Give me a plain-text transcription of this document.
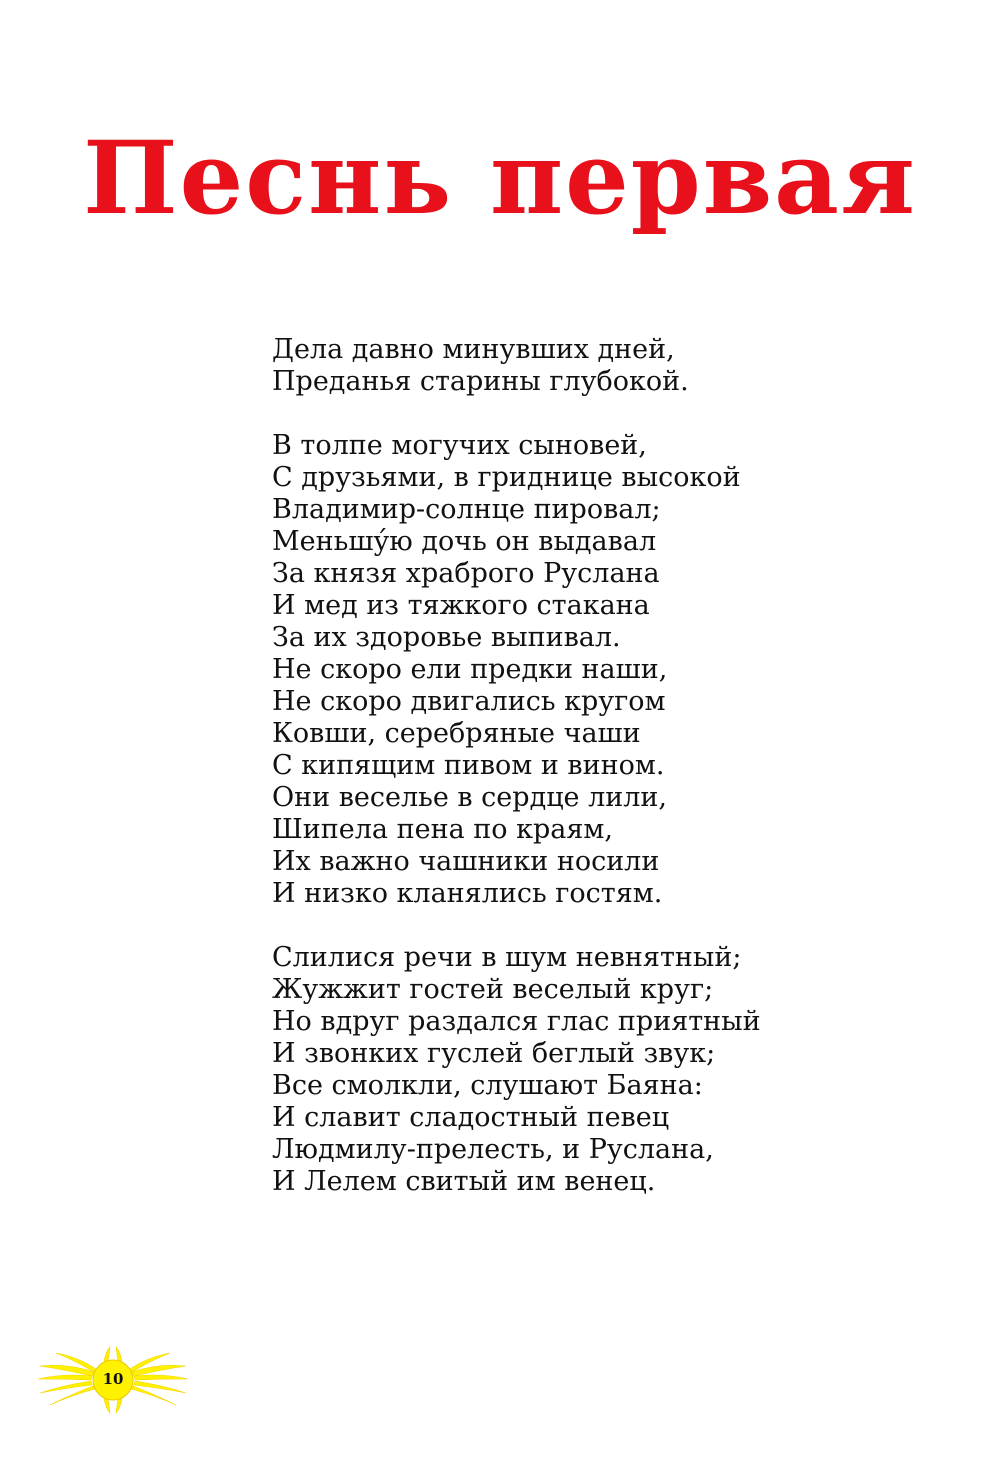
Песнь первая
Дела давно минувших дней,
Преданья старины глубокой.
В толпе могучих сыновей,
С друзьями, в гриднице высокой
Владимир-солнце пировал;
Меньшу́ю дочь он выдавал
За князя храброго Руслана
И мед из тяжкого стакана
За их здоровье выпивал.
Не скоро ели предки наши,
Не скоро двигались кругом
Ковши, серебряные чаши
С кипящим пивом и вином.
Они веселье в сердце лили,
Шипела пена по краям,
Их важно чашники носили
И низко кланялись гостям.
Слилися речи в шум невнятный;
Жужжит гостей веселый круг;
Но вдруг раздался глас приятный
И звонких гуслей беглый звук;
Все смолкли, слушают Баяна:
И славит сладостный певец
Людмилу-прелесть, и Руслана,
И Лелем свитый им венец.
10
